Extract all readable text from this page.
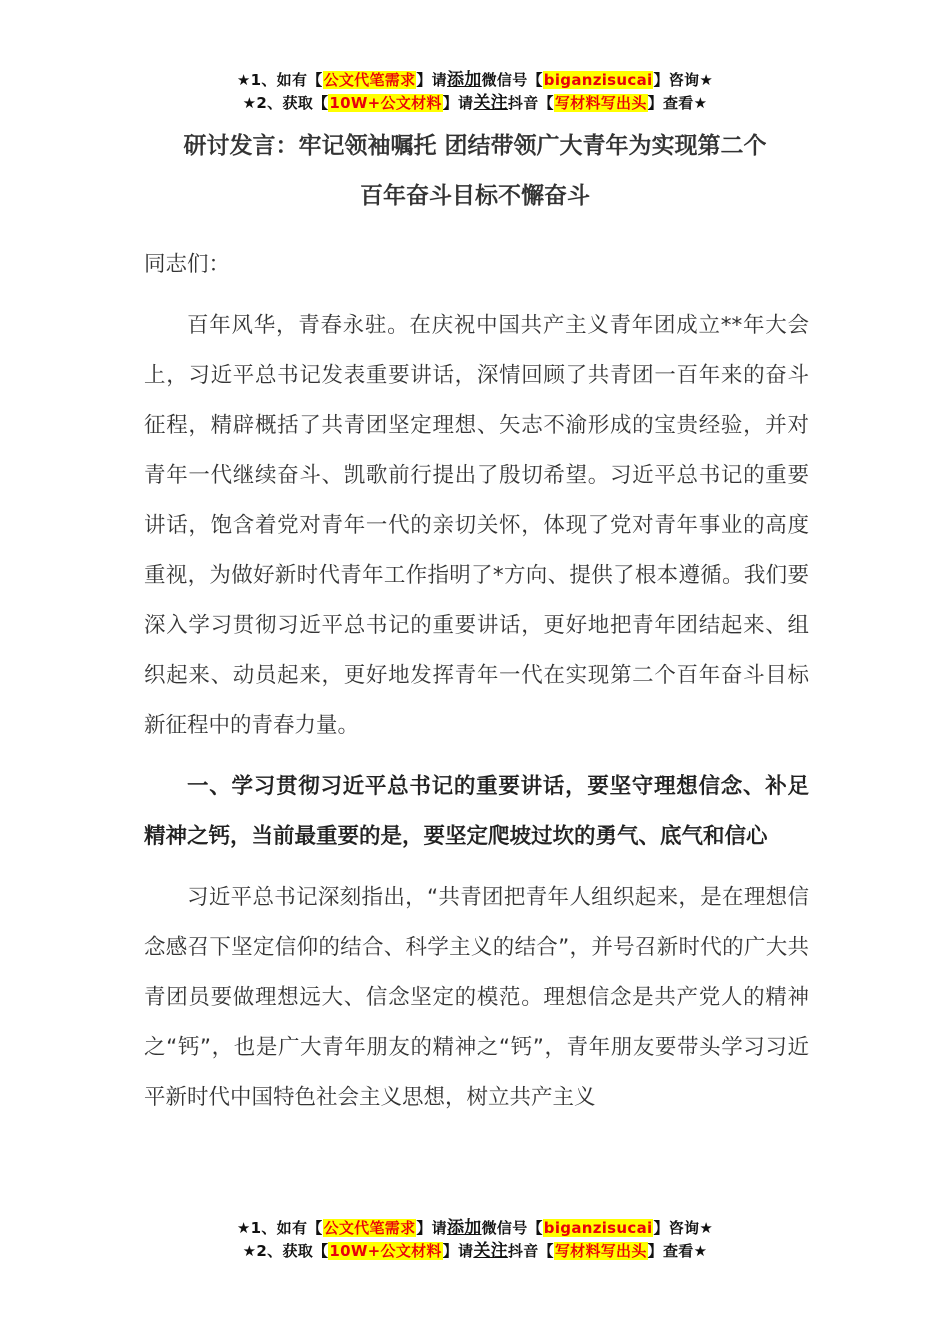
★1、如有【公文代笔需求】请添加微信号【biganzisucai】咨询★
★2、获取【10W+公文材料】请关注抖音【写材料写出头】查看★
研讨发言：牢记领袖嘱托 团结带领广大青年为实现第二个
百年奋斗目标不懈奋斗

同志们：

百年风华，青春永驻。在庆祝中国共产主义青年团成立**年大会上，习近平总书记发表重要讲话，深情回顾了共青团一百年来的奋斗征程，精辟概括了共青团坚定理想、矢志不渝形成的宝贵经验，并对青年一代继续奋斗、凯歌前行提出了殷切希望。习近平总书记的重要讲话，饱含着党对青年一代的亲切关怀，体现了党对青年事业的高度重视，为做好新时代青年工作指明了*方向、提供了根本遵循。我们要深入学习贯彻习近平总书记的重要讲话，更好地把青年团结起来、组织起来、动员起来，更好地发挥青年一代在实现第二个百年奋斗目标新征程中的青春力量。

一、学习贯彻习近平总书记的重要讲话，要坚守理想信念、补足精神之钙，当前最重要的是，要坚定爬坡过坎的勇气、底气和信心

习近平总书记深刻指出，“共青团把青年人组织起来，是在理想信念感召下坚定信仰的结合、科学主义的结合”，并号召新时代的广大共青团员要做理想远大、信念坚定的模范。理想信念是共产党人的精神之“钙”，也是广大青年朋友的精神之“钙”，青年朋友要带头学习习近平新时代中国特色社会主义思想，树立共产主义

★1、如有【公文代笔需求】请添加微信号【biganzisucai】咨询★
★2、获取【10W+公文材料】请关注抖音【写材料写出头】查看★
